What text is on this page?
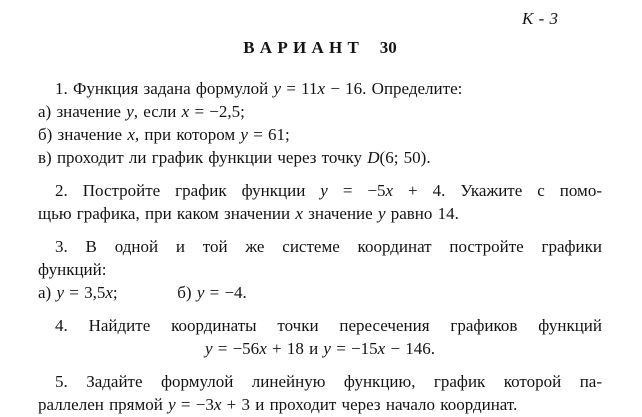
К - 3
В А Р И А Н Т    30
1. Функция задана формулой y = 11x − 16. Определите:
а) значение y, если x = −2,5;
б) значение x, при котором y = 61;
в) проходит ли график функции через точку D(6; 50).
2. Постройте график функции y = −5x + 4. Укажите с помо-
щью графика, при каком значении x значение y равно 14.
3. В одной и той же системе координат постройте графики
функций:
а) y = 3,5x;	б) y = −4.
4. Найдите координаты точки пересечения графиков функций
y = −56x + 18 и y = −15x − 146.
5. Задайте формулой линейную функцию, график которой па-
раллелен прямой y = −3x + 3 и проходит через начало координат.
